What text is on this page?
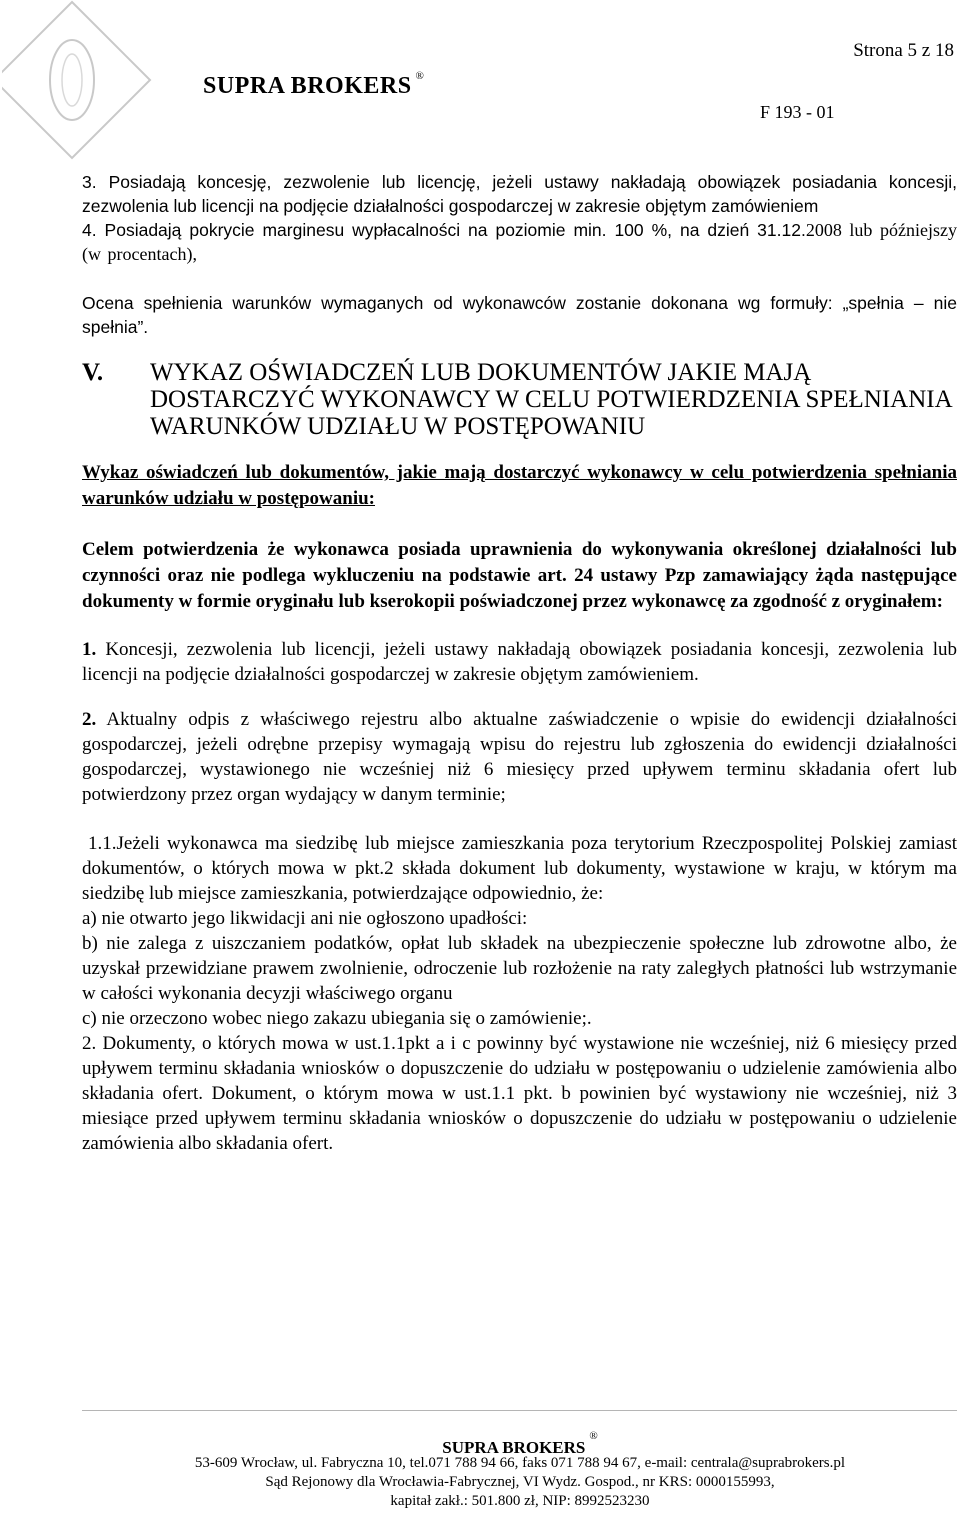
SUPRA BROKERS ®
Strona 5 z 18
F 193 - 01

3. Posiadają koncesję, zezwolenie lub licencję, jeżeli ustawy nakładają obowiązek posiadania koncesji, zezwolenia lub licencji na podjęcie działalności gospodarczej w zakresie objętym zamówieniem

4. Posiadają pokrycie marginesu wypłacalności na poziomie min. 100 %, na dzień 31.12.2008 lub późniejszy (w procentach),

Ocena spełnienia warunków wymaganych od wykonawców zostanie dokonana wg formuły: „spełnia – nie spełnia”.

V. WYKAZ OŚWIADCZEŃ LUB DOKUMENTÓW JAKIE MAJĄ DOSTARCZYĆ WYKONAWCY W CELU POTWIERDZENIA SPEŁNIANIA WARUNKÓW UDZIAŁU W POSTĘPOWANIU

Wykaz oświadczeń lub dokumentów, jakie mają dostarczyć wykonawcy w celu potwierdzenia spełniania warunków udziału w postępowaniu:

Celem potwierdzenia że wykonawca posiada uprawnienia do wykonywania określonej działalności lub czynności oraz nie podlega wykluczeniu na podstawie art. 24 ustawy Pzp zamawiający żąda następujące dokumenty w formie oryginału lub kserokopii poświadczonej przez wykonawcę za zgodność z oryginałem:

1. Koncesji, zezwolenia lub licencji, jeżeli ustawy nakładają obowiązek posiadania koncesji, zezwolenia lub licencji na podjęcie działalności gospodarczej w zakresie objętym zamówieniem.

2. Aktualny odpis z właściwego rejestru albo aktualne zaświadczenie o wpisie do ewidencji działalności gospodarczej, jeżeli odrębne przepisy wymagają wpisu do rejestru lub zgłoszenia do ewidencji działalności gospodarczej, wystawionego nie wcześniej niż 6 miesięcy przed upływem terminu składania ofert lub potwierdzony przez organ wydający w danym terminie;

1.1.Jeżeli wykonawca ma siedzibę lub miejsce zamieszkania poza terytorium Rzeczpospolitej Polskiej zamiast dokumentów, o których mowa w pkt.2 składa dokument lub dokumenty, wystawione w kraju, w którym ma siedzibę lub miejsce zamieszkania, potwierdzające odpowiednio, że:

a) nie otwarto jego likwidacji ani nie ogłoszono upadłości:

b) nie zalega z uiszczaniem podatków, opłat lub składek na ubezpieczenie społeczne lub zdrowotne albo, że uzyskał przewidziane prawem zwolnienie, odroczenie lub rozłożenie na raty zaległych płatności lub wstrzymanie w całości wykonania decyzji właściwego organu

c) nie orzeczono wobec niego zakazu ubiegania się o zamówienie;.

2. Dokumenty, o których mowa w ust.1.1pkt a i c powinny być wystawione nie wcześniej, niż 6 miesięcy przed upływem terminu składania wniosków o dopuszczenie do udziału w postępowaniu o udzielenie zamówienia albo składania ofert. Dokument, o którym mowa w ust.1.1 pkt. b powinien być wystawiony nie wcześniej, niż 3 miesiące przed upływem terminu składania wniosków o dopuszczenie do udziału w postępowaniu o udzielenie zamówienia albo składania ofert.

SUPRA BROKERS®
53-609 Wrocław, ul. Fabryczna 10, tel.071 788 94 66, faks 071 788 94 67, e-mail: centrala@suprabrokers.pl
Sąd Rejonowy dla Wrocławia-Fabrycznej, VI Wydz. Gospod., nr KRS: 0000155993,
kapitał zakł.: 501.800 zł, NIP: 8992523230
